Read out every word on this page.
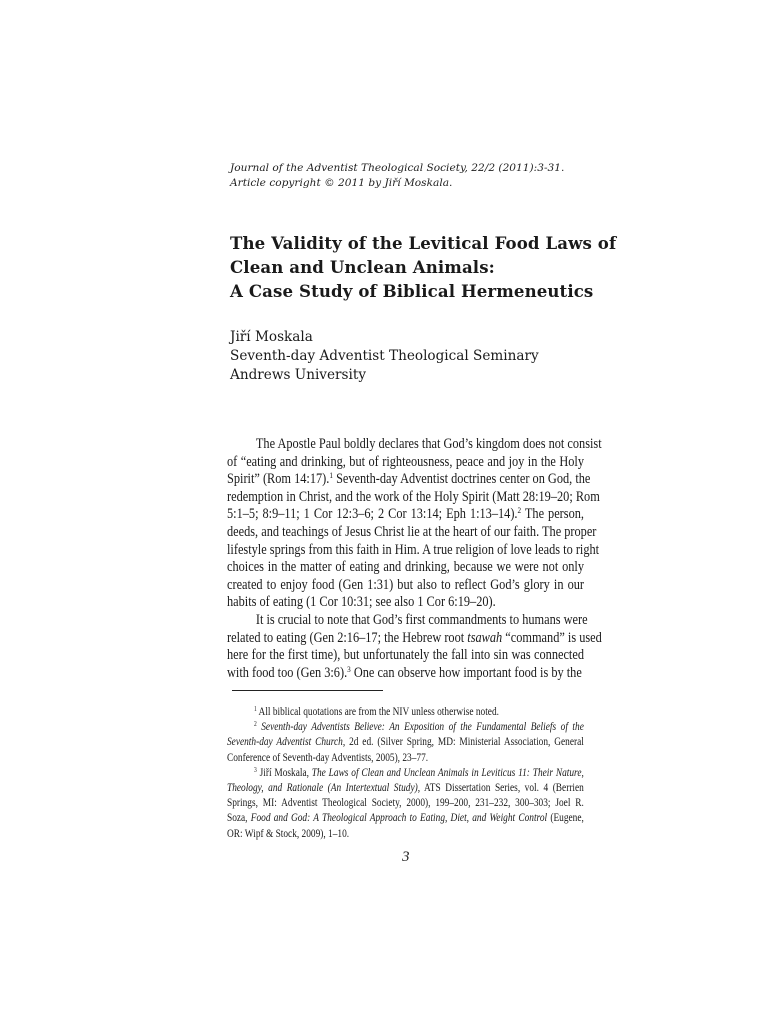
Journal of the Adventist Theological Society, 22/2 (2011):3-31.
Article copyright © 2011 by Jiří Moskala.
The Validity of the Levitical Food Laws of
Clean and Unclean Animals:
A Case Study of Biblical Hermeneutics
Jiří Moskala
Seventh-day Adventist Theological Seminary
Andrews University
The Apostle Paul boldly declares that God’s kingdom does not consist
of “eating and drinking, but of righteousness, peace and joy in the Holy
Spirit” (Rom 14:17).$^1$ Seventh-day Adventist doctrines center on God, the
redemption in Christ, and the work of the Holy Spirit (Matt 28:19–20; Rom
5:1–5; 8:9–11; 1 Cor 12:3–6; 2 Cor 13:14; Eph 1:13–14).$^2$ The person,
deeds, and teachings of Jesus Christ lie at the heart of our faith. The proper
lifestyle springs from this faith in Him. A true religion of love leads to right
choices in the matter of eating and drinking, because we were not only
created to enjoy food (Gen 1:31) but also to reflect God’s glory in our
habits of eating (1 Cor 10:31; see also 1 Cor 6:19–20).
It is crucial to note that God’s first commandments to humans were
related to eating (Gen 2:16–17; the Hebrew root tsawah “command” is used
here for the first time), but unfortunately the fall into sin was connected
with food too (Gen 3:6).$^3$ One can observe how important food is by the
$^1$ All biblical quotations are from the NIV unless otherwise noted.
$^2$ Seventh-day Adventists Believe: An Exposition of the Fundamental Beliefs of the
Seventh-day Adventist Church, 2d ed. (Silver Spring, MD: Ministerial Association, General
Conference of Seventh-day Adventists, 2005), 23–77.
$^3$ Jiří Moskala, The Laws of Clean and Unclean Animals in Leviticus 11: Their Nature,
Theology, and Rationale (An Intertextual Study), ATS Dissertation Series, vol. 4 (Berrien
Springs, MI: Adventist Theological Society, 2000), 199–200, 231–232, 300–303; Joel R.
Soza, Food and God: A Theological Approach to Eating, Diet, and Weight Control (Eugene,
OR: Wipf & Stock, 2009), 1–10.
3
